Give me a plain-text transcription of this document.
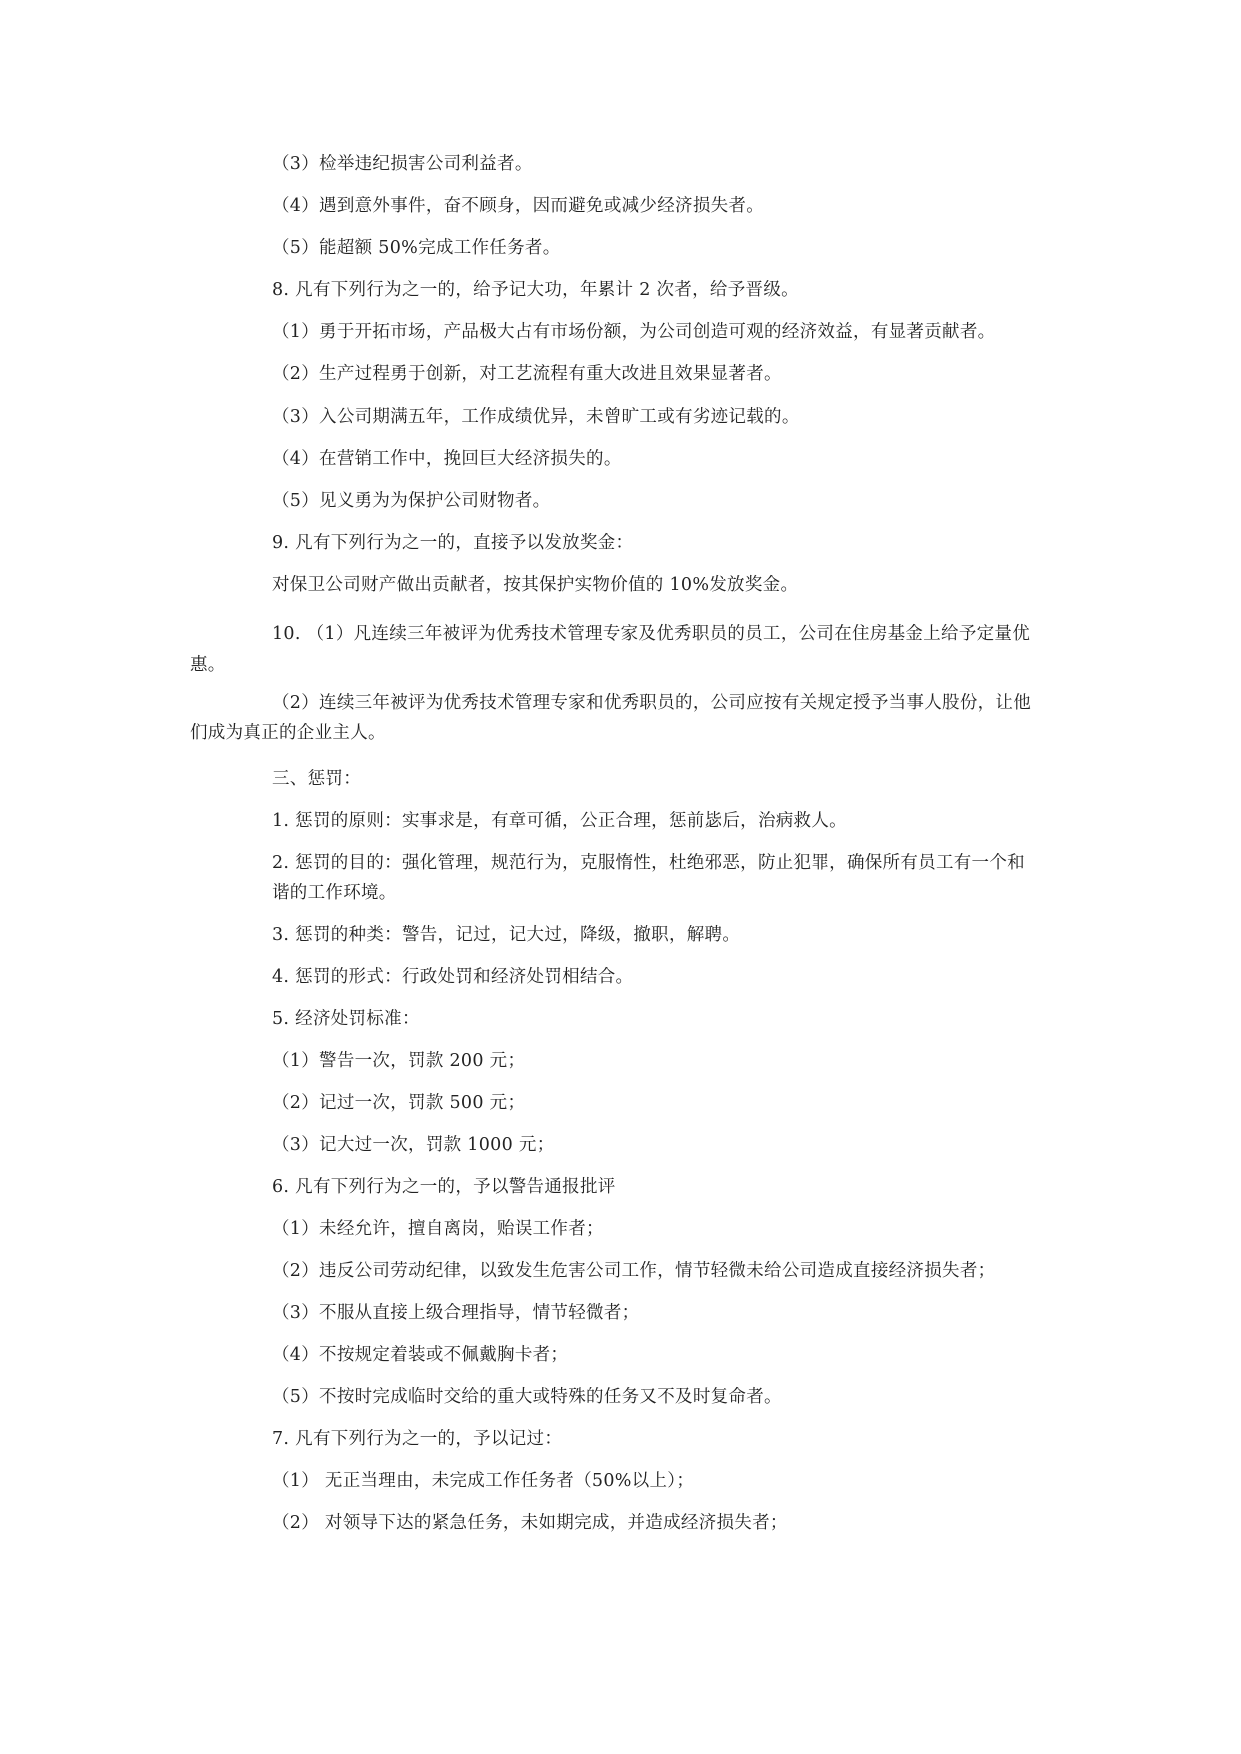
（3）检举违纪损害公司利益者。
（4）遇到意外事件，奋不顾身，因而避免或减少经济损失者。
（5）能超额 50%完成工作任务者。
8. 凡有下列行为之一的，给予记大功，年累计 2 次者，给予晋级。
（1）勇于开拓市场，产品极大占有市场份额，为公司创造可观的经济效益，有显著贡献者。
（2）生产过程勇于创新，对工艺流程有重大改进且效果显著者。
（3）入公司期满五年，工作成绩优异，未曾旷工或有劣迹记载的。
（4）在营销工作中，挽回巨大经济损失的。
（5）见义勇为为保护公司财物者。
9. 凡有下列行为之一的，直接予以发放奖金：
对保卫公司财产做出贡献者，按其保护实物价值的 10%发放奖金。
10. （1）凡连续三年被评为优秀技术管理专家及优秀职员的员工，公司在住房基金上给予定量优
惠。
（2）连续三年被评为优秀技术管理专家和优秀职员的，公司应按有关规定授予当事人股份，让他
们成为真正的企业主人。
三、惩罚：
1. 惩罚的原则：实事求是，有章可循，公正合理，惩前毖后，治病救人。
2. 惩罚的目的：强化管理，规范行为，克服惰性，杜绝邪恶，防止犯罪，确保所有员工有一个和
谐的工作环境。
3. 惩罚的种类：警告，记过，记大过，降级，撤职，解聘。
4. 惩罚的形式：行政处罚和经济处罚相结合。
5. 经济处罚标准：
（1）警告一次，罚款 200 元；
（2）记过一次，罚款 500 元；
（3）记大过一次，罚款 1000 元；
6. 凡有下列行为之一的，予以警告通报批评
（1）未经允许，擅自离岗，贻误工作者；
（2）违反公司劳动纪律，以致发生危害公司工作，情节轻微未给公司造成直接经济损失者；
（3）不服从直接上级合理指导，情节轻微者；
（4）不按规定着装或不佩戴胸卡者；
（5）不按时完成临时交给的重大或特殊的任务又不及时复命者。
7. 凡有下列行为之一的，予以记过：
（1） 无正当理由，未完成工作任务者（50%以上）；
（2） 对领导下达的紧急任务，未如期完成，并造成经济损失者；
